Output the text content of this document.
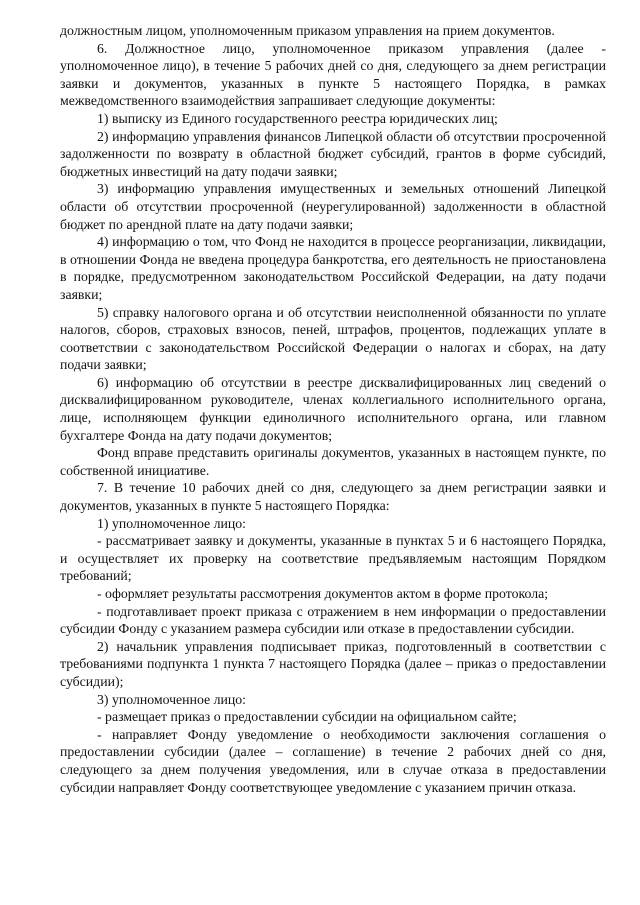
должностным лицом, уполномоченным приказом управления на прием документов.

6. Должностное лицо, уполномоченное приказом управления (далее - уполномоченное лицо), в течение 5 рабочих дней со дня, следующего за днем регистрации заявки и документов, указанных в пункте 5 настоящего Порядка, в рамках межведомственного взаимодействия запрашивает следующие документы:

1) выписку из Единого государственного реестра юридических лиц;

2) информацию управления финансов Липецкой области об отсутствии просроченной задолженности по возврату в областной бюджет субсидий, грантов в форме субсидий, бюджетных инвестиций на дату подачи заявки;

3) информацию управления имущественных и земельных отношений Липецкой области об отсутствии просроченной (неурегулированной) задолженности в областной бюджет по арендной плате на дату подачи заявки;

4) информацию о том, что Фонд не находится в процессе реорганизации, ликвидации, в отношении Фонда не введена процедура банкротства, его деятельность не приостановлена в порядке, предусмотренном законодательством Российской Федерации, на дату подачи заявки;

5) справку налогового органа и об отсутствии неисполненной обязанности по уплате налогов, сборов, страховых взносов, пеней, штрафов, процентов, подлежащих уплате в соответствии с законодательством Российской Федерации о налогах и сборах, на дату подачи заявки;

6) информацию об отсутствии в реестре дисквалифицированных лиц сведений о дисквалифицированном руководителе, членах коллегиального исполнительного органа, лице, исполняющем функции единоличного исполнительного органа, или главном бухгалтере Фонда на дату подачи документов;

Фонд вправе представить оригиналы документов, указанных в настоящем пункте, по собственной инициативе.

7. В течение 10 рабочих дней со дня, следующего за днем регистрации заявки и документов, указанных в пункте 5 настоящего Порядка:

1) уполномоченное лицо:

- рассматривает заявку и документы, указанные в пунктах 5 и 6 настоящего Порядка, и осуществляет их проверку на соответствие предъявляемым настоящим Порядком требований;

- оформляет результаты рассмотрения документов актом в форме протокола;

- подготавливает проект приказа с отражением в нем информации о предоставлении субсидии Фонду с указанием размера субсидии или отказе в предоставлении субсидии.

2) начальник управления подписывает приказ, подготовленный в соответствии с требованиями подпункта 1 пункта 7 настоящего Порядка (далее – приказ о предоставлении субсидии);

3) уполномоченное лицо:

- размещает приказ о предоставлении субсидии на официальном сайте;

- направляет Фонду уведомление о необходимости заключения соглашения о предоставлении субсидии (далее – соглашение) в течение 2 рабочих дней со дня, следующего за днем получения уведомления, или в случае отказа в предоставлении субсидии направляет Фонду соответствующее уведомление с указанием причин отказа.
